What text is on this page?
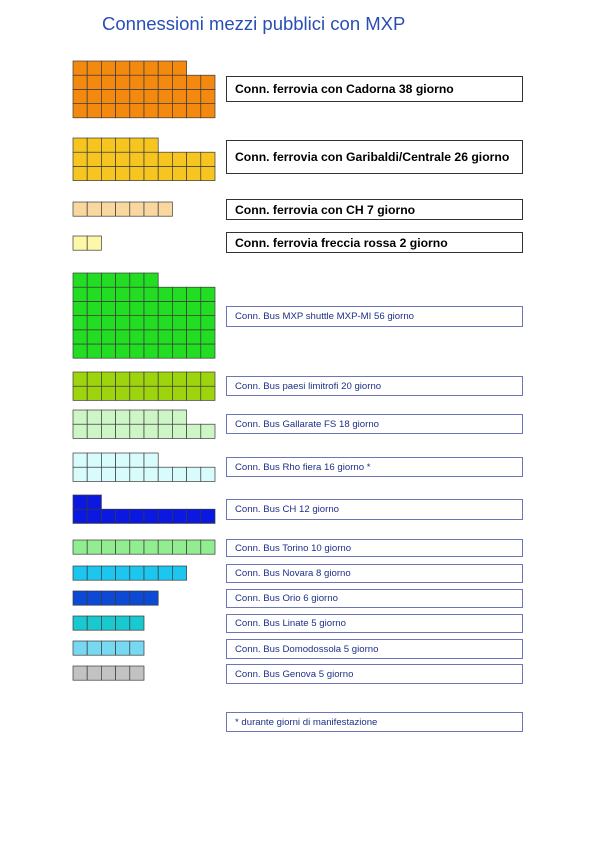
Connessioni mezzi pubblici con MXP
Conn. ferrovia con Cadorna 38 giorno
Conn. ferrovia con Garibaldi/Centrale 26 giorno
Conn. ferrovia con CH 7 giorno
Conn. ferrovia freccia rossa 2 giorno
Conn. Bus MXP shuttle MXP-MI 56 giorno
Conn. Bus paesi limitrofi 20 giorno
Conn. Bus Gallarate FS 18 giorno
Conn. Bus Rho fiera 16 giorno *
Conn. Bus CH 12 giorno
Conn. Bus Torino 10 giorno
Conn. Bus Novara 8 giorno
Conn. Bus Orio 6 giorno
Conn. Bus Linate 5 giorno
Conn. Bus Domodossola 5 giorno
Conn. Bus Genova 5 giorno
* durante giorni di manifestazione
